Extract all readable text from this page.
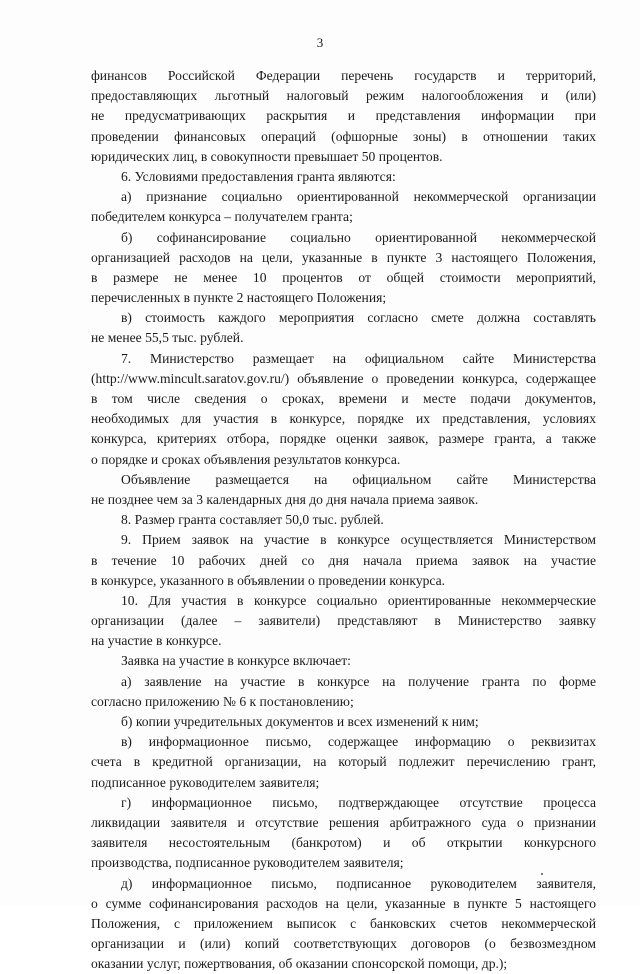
3
финансов Российской Федерации перечень государств и территорий,
предоставляющих льготный налоговый режим налогообложения и (или)
не предусматривающих раскрытия и представления информации при
проведении финансовых операций (офшорные зоны) в отношении таких
юридических лиц, в совокупности превышает 50 процентов.
6. Условиями предоставления гранта являются:
а) признание социально ориентированной некоммерческой организации
победителем конкурса – получателем гранта;
б) софинансирование социально ориентированной некоммерческой
организацией расходов на цели, указанные в пункте 3 настоящего Положения,
в размере не менее 10 процентов от общей стоимости мероприятий,
перечисленных в пункте 2 настоящего Положения;
в) стоимость каждого мероприятия согласно смете должна составлять
не менее 55,5 тыс. рублей.
7. Министерство размещает на официальном сайте Министерства
(http://www.mincult.saratov.gov.ru/) объявление о проведении конкурса, содержащее
в том числе сведения о сроках, времени и месте подачи документов,
необходимых для участия в конкурсе, порядке их представления, условиях
конкурса, критериях отбора, порядке оценки заявок, размере гранта, а также
о порядке и сроках объявления результатов конкурса.
Объявление размещается на официальном сайте Министерства
не позднее чем за 3 календарных дня до дня начала приема заявок.
8. Размер гранта составляет 50,0 тыс. рублей.
9. Прием заявок на участие в конкурсе осуществляется Министерством
в течение 10 рабочих дней со дня начала приема заявок на участие
в конкурсе, указанного в объявлении о проведении конкурса.
10. Для участия в конкурсе социально ориентированные некоммерческие
организации (далее – заявители) представляют в Министерство заявку
на участие в конкурсе.
Заявка на участие в конкурсе включает:
а) заявление на участие в конкурсе на получение гранта по форме
согласно приложению № 6 к постановлению;
б) копии учредительных документов и всех изменений к ним;
в) информационное письмо, содержащее информацию о реквизитах
счета в кредитной организации, на который подлежит перечислению грант,
подписанное руководителем заявителя;
г) информационное письмо, подтверждающее отсутствие процесса
ликвидации заявителя и отсутствие решения арбитражного суда о признании
заявителя несостоятельным (банкротом) и об открытии конкурсного
производства, подписанное руководителем заявителя;
д) информационное письмо, подписанное руководителем заявителя,
о сумме софинансирования расходов на цели, указанные в пункте 5 настоящего
Положения, с приложением выписок с банковских счетов некоммерческой
организации и (или) копий соответствующих договоров (о безвозмездном
оказании услуг, пожертвования, об оказании спонсорской помощи, др.);
